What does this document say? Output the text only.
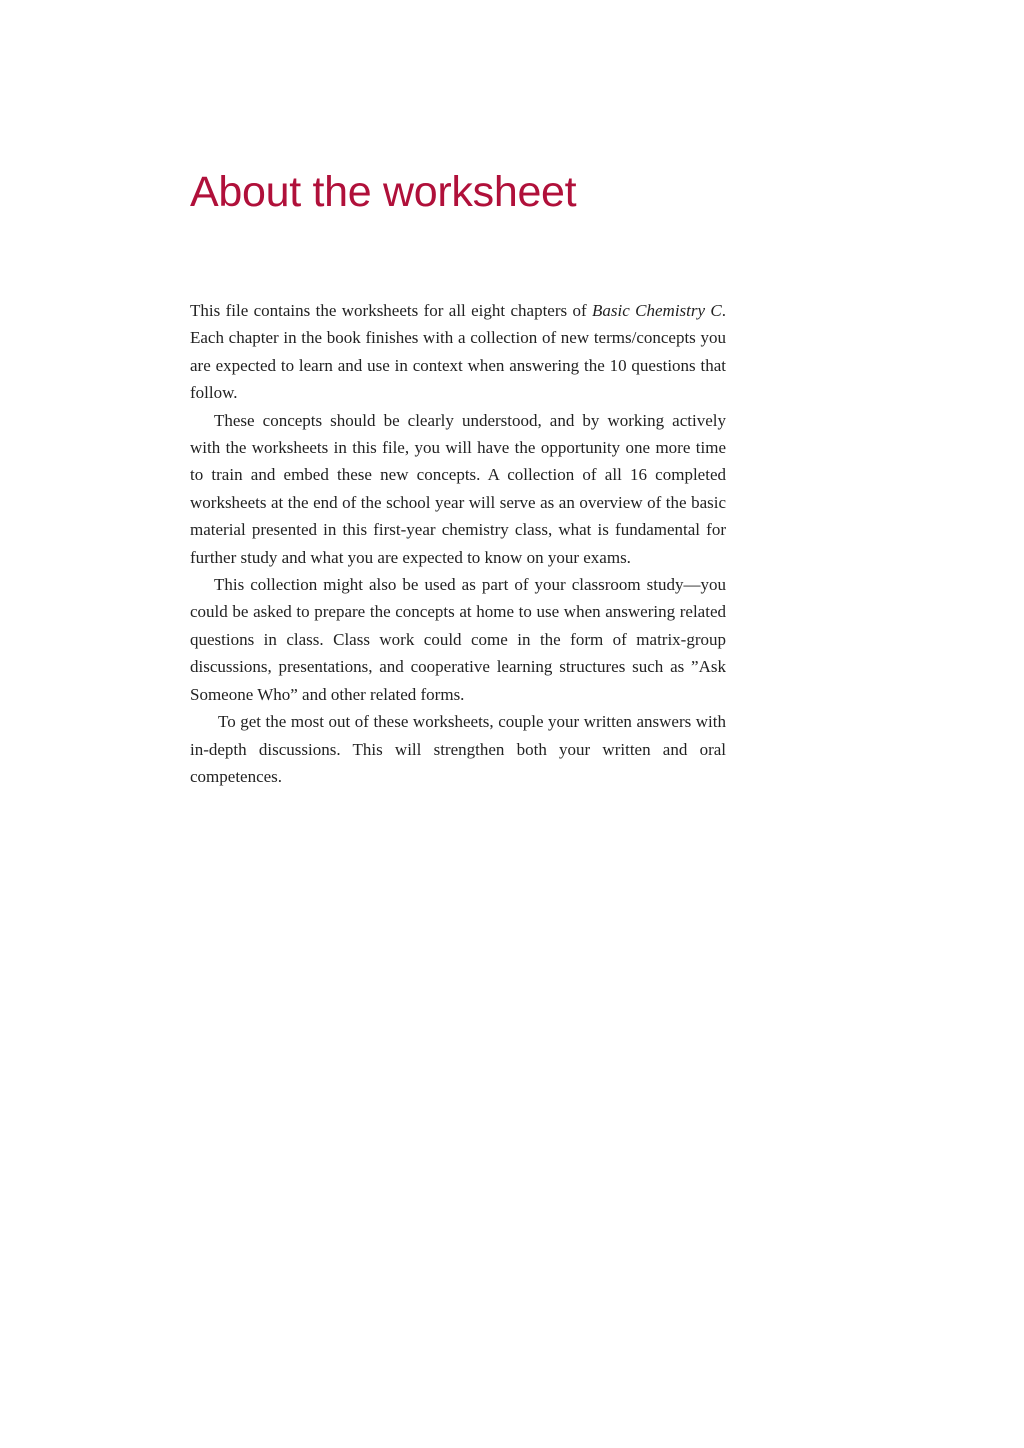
About the worksheet

This file contains the worksheets for all eight chapters of Basic Chemistry C. Each chapter in the book finishes with a collection of new terms/concepts you are expected to learn and use in context when answering the 10 questions that follow.

These concepts should be clearly understood, and by working actively with the worksheets in this file, you will have the opportunity one more time to train and embed these new concepts. A collection of all 16 completed worksheets at the end of the school year will serve as an overview of the basic material presented in this first-year chemistry class, what is fundamental for further study and what you are expected to know on your exams.

This collection might also be used as part of your classroom study—you could be asked to prepare the concepts at home to use when answering related questions in class. Class work could come in the form of matrix-group discussions, presentations, and cooperative learning structures such as ”Ask Someone Who” and other related forms.

To get the most out of these worksheets, couple your written answers with in-depth discussions. This will strengthen both your written and oral competences.
